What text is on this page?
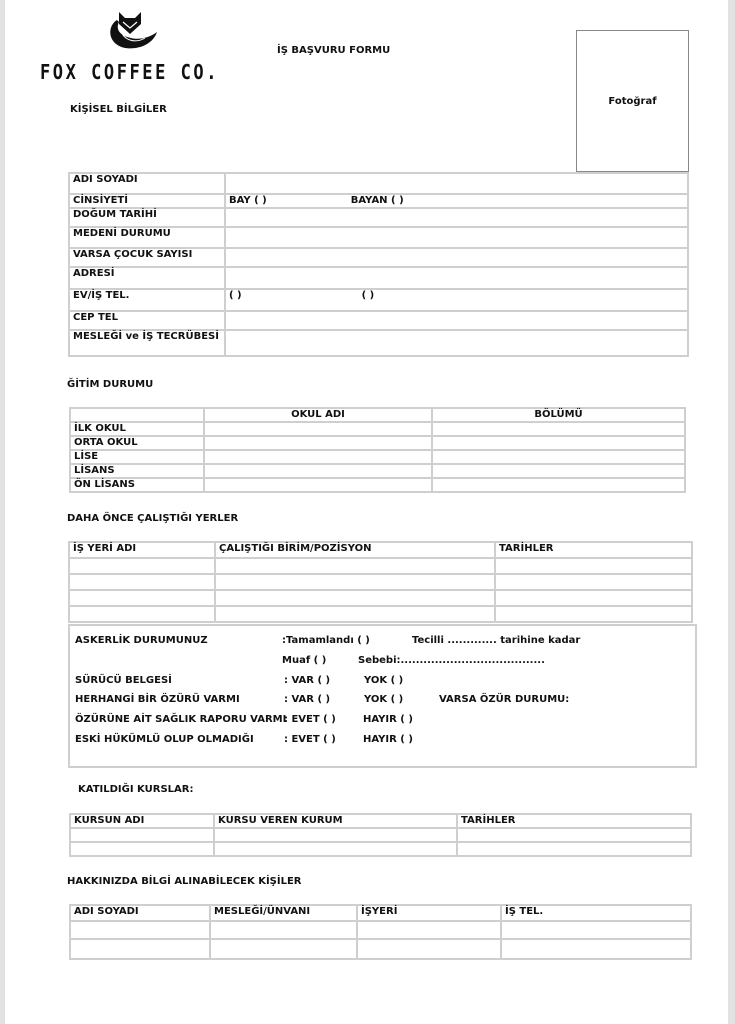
FOX COFFEE CO.
İŞ BAŞVURU FORMU
KİŞİSEL BİLGİLER
Fotoğraf
ADI SOYADI	
CİNSİYETİ	BAY ( ) BAYAN ( )

DOĞUM TARİHİ	
MEDENİ DURUMU	
VARSA ÇOCUK SAYISI	
ADRESİ	
EV/İŞ TEL.	( ) ( )

CEP TEL	
MESLEĞİ ve İŞ TECRÜBESİ	
ĞİTİM DURUMU
	OKUL ADI	BÖLÜMÜ
İLK OKUL		
ORTA OKUL		
LİSE		
LİSANS		
ÖN LİSANS		
DAHA ÖNCE ÇALIŞTIĞI YERLER
İŞ YERİ ADI	ÇALIŞTIĞI BİRİM/POZİSYON	TARİHLER

ASKERLİK DURUMUNUZ	:Tamamlandı ( )	Tecilli ............. tarihine kadar
Muaf ( )	Sebebi:......................................
SÜRÜCÜ BELGESİ	: VAR ( )	YOK ( )
HERHANGİ BİR ÖZÜRÜ VARMI	: VAR ( )	YOK ( )	VARSA ÖZÜR DURUMU:
ÖZÜRÜNE AİT SAĞLIK RAPORU VARMI
: EVET ( )	HAYIR ( )
ESKİ HÜKÜMLÜ OLUP OLMADIĞI	: EVET ( )	HAYIR ( )
KATILDIĞI KURSLAR:
KURSUN ADI	KURSU VEREN KURUM	TARİHLER

HAKKINIZDA BİLGİ ALINABİLECEK KİŞİLER
ADI SOYADI	MESLEĞİ/ÜNVANI	İŞYERİ	İŞ TEL.
